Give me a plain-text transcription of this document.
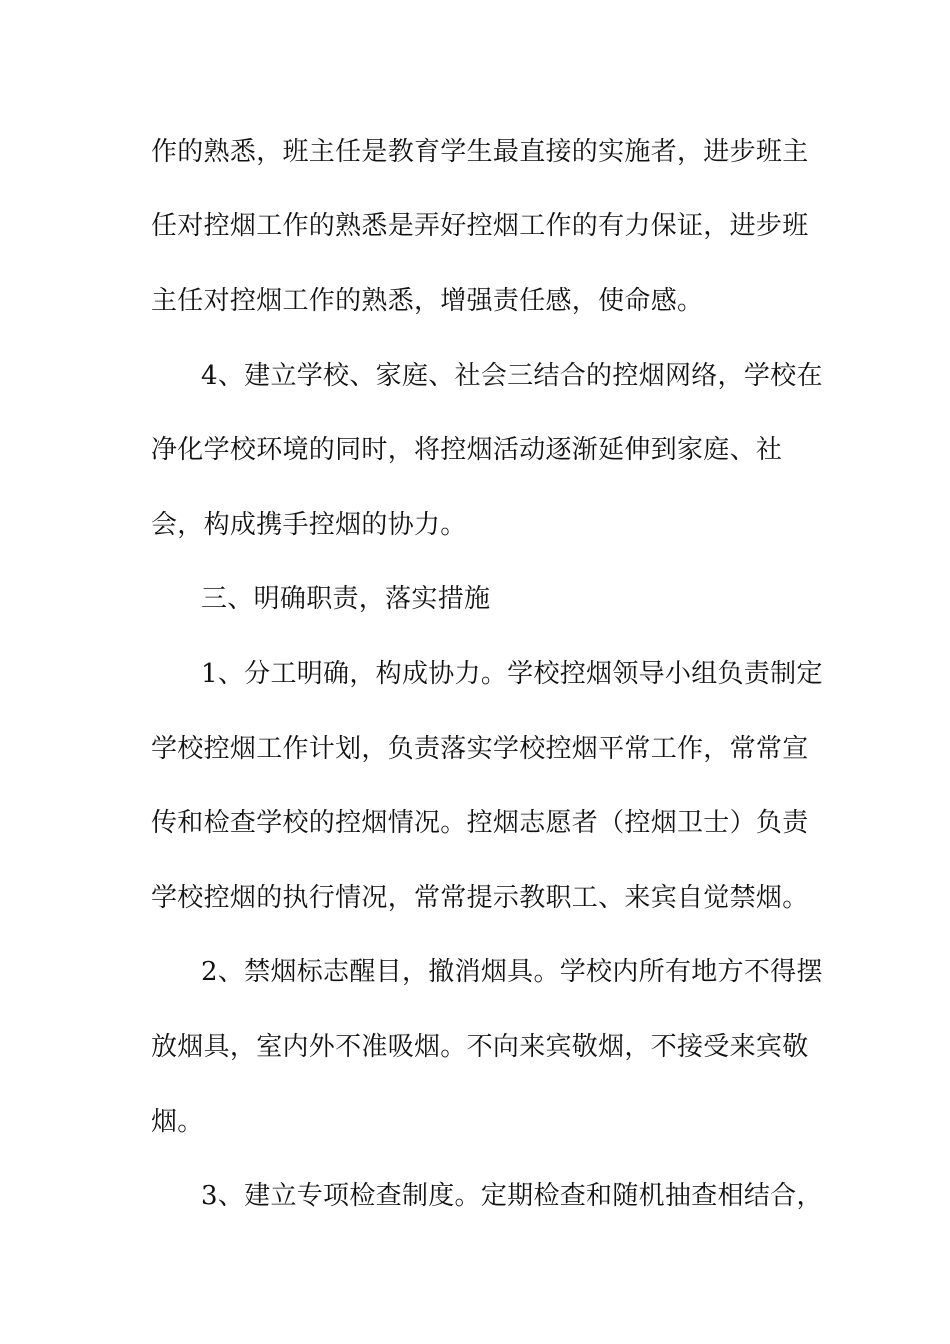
作的熟悉，班主任是教育学生最直接的实施者，进步班主
任对控烟工作的熟悉是弄好控烟工作的有力保证，进步班
主任对控烟工作的熟悉，增强责任感，使命感。
4、建立学校、家庭、社会三结合的控烟网络，学校在
净化学校环境的同时，将控烟活动逐渐延伸到家庭、社
会，构成携手控烟的协力。
三、明确职责，落实措施
1、分工明确，构成协力。学校控烟领导小组负责制定
学校控烟工作计划，负责落实学校控烟平常工作，常常宣
传和检查学校的控烟情况。控烟志愿者（控烟卫士）负责
学校控烟的执行情况，常常提示教职工、来宾自觉禁烟。
2、禁烟标志醒目，撤消烟具。学校内所有地方不得摆
放烟具，室内外不准吸烟。不向来宾敬烟，不接受来宾敬
烟。
3、建立专项检查制度。定期检查和随机抽查相结合，
